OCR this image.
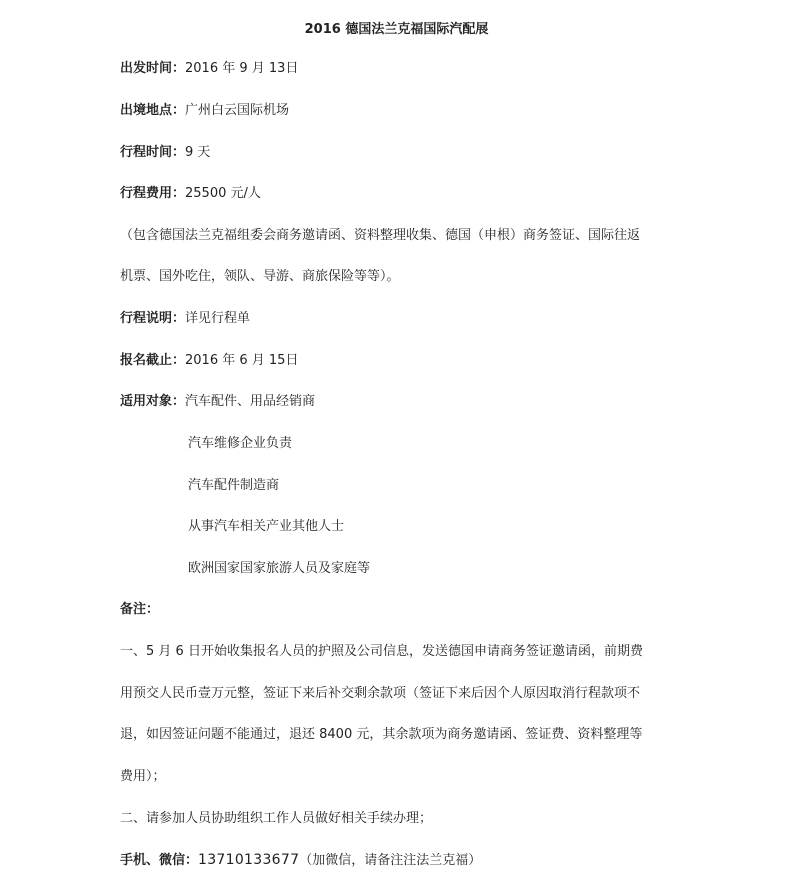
2016 德国法兰克福国际汽配展
出发时间：2016 年 9 月 13日
出境地点：广州白云国际机场
行程时间：9 天
行程费用：25500 元/人
（包含德国法兰克福组委会商务邀请函、资料整理收集、德国（申根）商务签证、国际往返
机票、国外吃住，领队、导游、商旅保险等等）。
行程说明：详见行程单
报名截止：2016 年 6 月 15日
适用对象：汽车配件、用品经销商
汽车维修企业负责
汽车配件制造商
从事汽车相关产业其他人士
欧洲国家国家旅游人员及家庭等
备注：
一、5 月 6 日开始收集报名人员的护照及公司信息，发送德国申请商务签证邀请函，前期费
用预交人民币壹万元整，签证下来后补交剩余款项（签证下来后因个人原因取消行程款项不
退，如因签证问题不能通过，退还 8400 元，其余款项为商务邀请函、签证费、资料整理等
费用）；
二、请参加人员协助组织工作人员做好相关手续办理；
手机、微信：13710133677（加微信，请备注注法兰克福）
